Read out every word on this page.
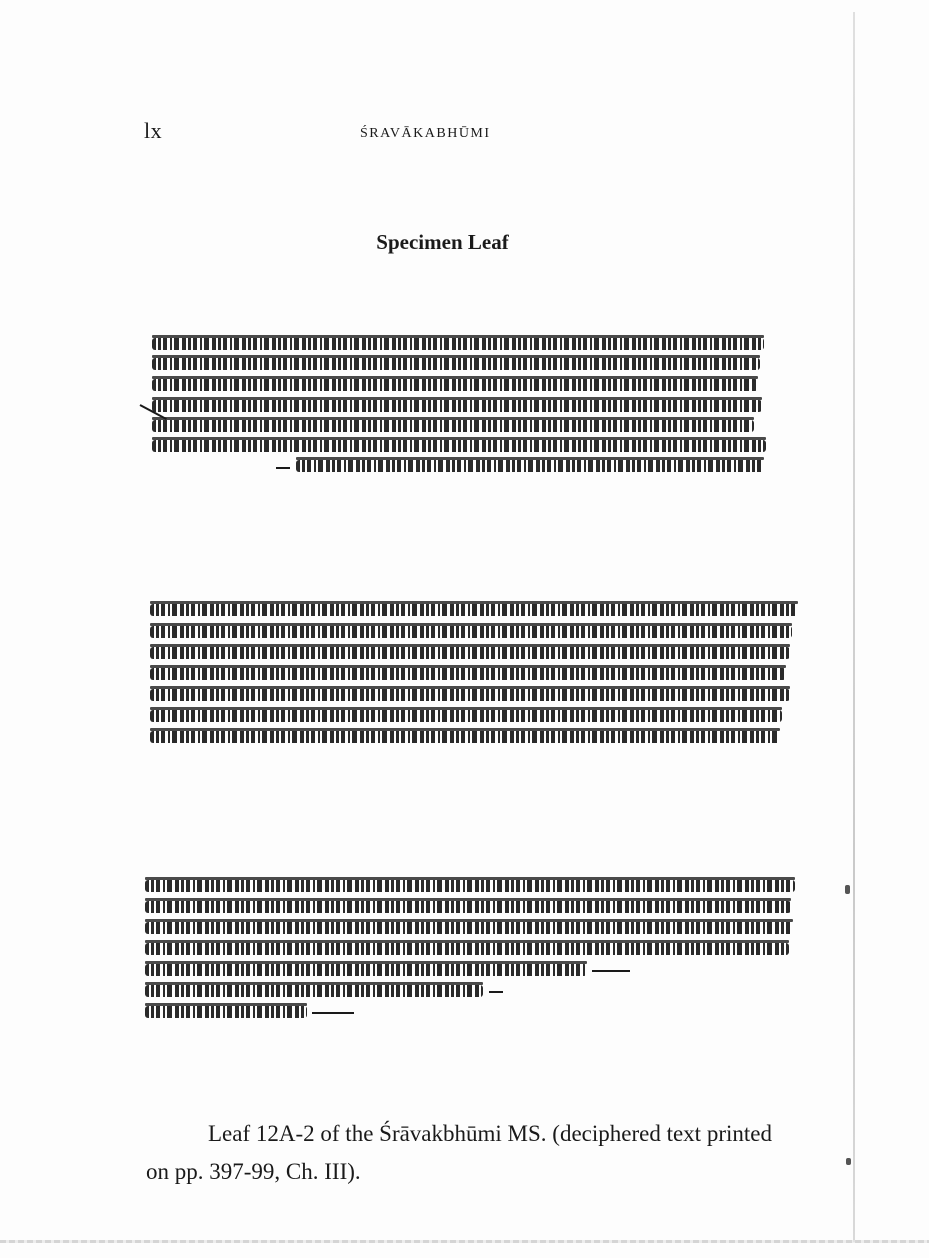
lx	ŚRAVĀKABHŪMI
Specimen Leaf
Leaf 12A-2 of the Śrāvakbhūmi MS. (deciphered text printed on pp. 397-99, Ch. III).
